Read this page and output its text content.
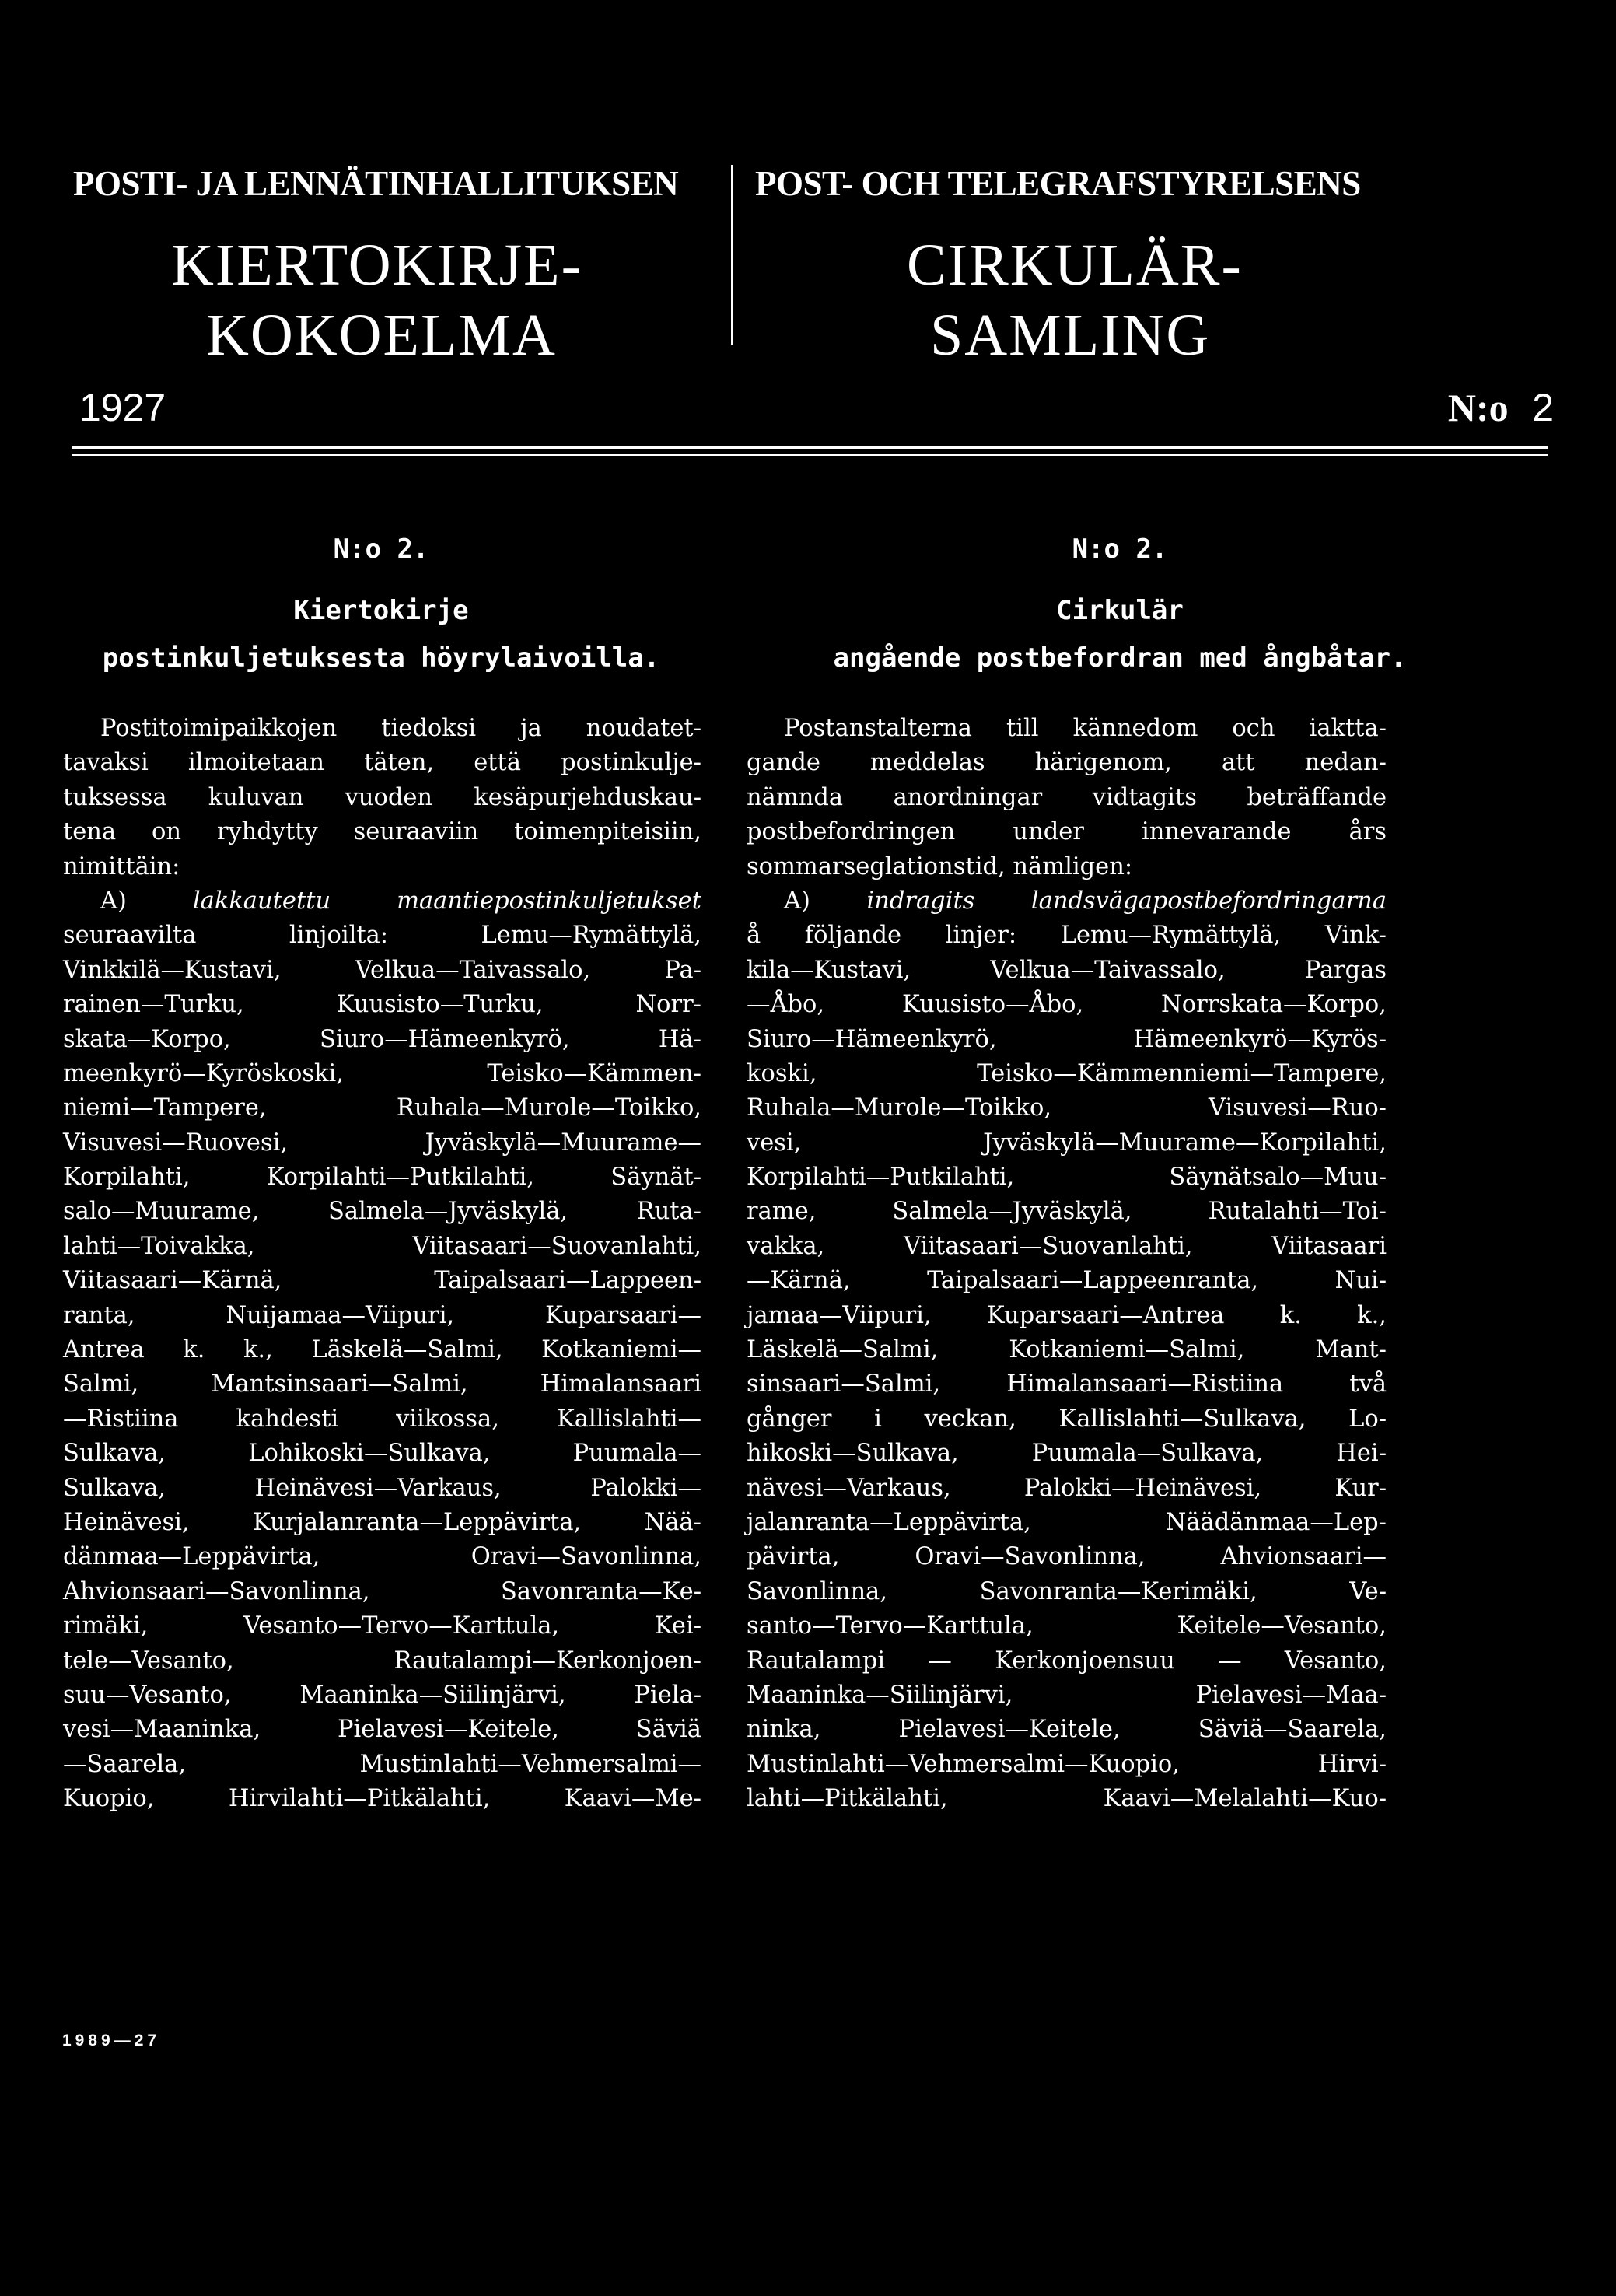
POSTI- JA LENNÄTINHALLITUKSEN
KIERTOKIRJE-
KOKOELMA
POST- OCH TELEGRAFSTYRELSENS
CIRKULÄR-
SAMLING
1927	N:o 2
N:o 2.
Kiertokirje
postinkuljetuksesta höyrylaivoilla.
N:o 2.
Cirkulär
angående postbefordran med ångbåtar.
Postitoimipaikkojen tiedoksi ja noudatet-
tavaksi ilmoitetaan täten, että postinkulje-
tuksessa kuluvan vuoden kesäpurjehduskau-
tena on ryhdytty seuraaviin toimenpiteisiin,
nimittäin:
A) lakkautettu maantiepostinkuljetukset
seuraavilta linjoilta: Lemu—Rymättylä,
Vinkkilä—Kustavi, Velkua—Taivassalo, Pa-
rainen—Turku, Kuusisto—Turku, Norr-
skata—Korpo, Siuro—Hämeenkyrö, Hä-
meenkyrö—Kyröskoski, Teisko—Kämmen-
niemi—Tampere, Ruhala—Murole—Toikko,
Visuvesi—Ruovesi, Jyväskylä—Muurame—
Korpilahti, Korpilahti—Putkilahti, Säynät-
salo—Muurame, Salmela—Jyväskylä, Ruta-
lahti—Toivakka, Viitasaari—Suovanlahti,
Viitasaari—Kärnä, Taipalsaari—Lappeen-
ranta, Nuijamaa—Viipuri, Kuparsaari—
Antrea k. k., Läskelä—Salmi, Kotkaniemi—
Salmi, Mantsinsaari—Salmi, Himalansaari
—Ristiina kahdesti viikossa, Kallislahti—
Sulkava, Lohikoski—Sulkava, Puumala—
Sulkava, Heinävesi—Varkaus, Palokki—
Heinävesi, Kurjalanranta—Leppävirta, Nää-
dänmaa—Leppävirta, Oravi—Savonlinna,
Ahvionsaari—Savonlinna, Savonranta—Ke-
rimäki, Vesanto—Tervo—Karttula, Kei-
tele—Vesanto, Rautalampi—Kerkonjoen-
suu—Vesanto, Maaninka—Siilinjärvi, Piela-
vesi—Maaninka, Pielavesi—Keitele, Säviä
—Saarela, Mustinlahti—Vehmersalmi—
Kuopio, Hirvilahti—Pitkälahti, Kaavi—Me-
Postanstalterna till kännedom och iaktta-
gande meddelas härigenom, att nedan-
nämnda anordningar vidtagits beträffande
postbefordringen under innevarande års
sommarseglationstid, nämligen:
A) indragits landsvägapostbefordringarna
å följande linjer: Lemu—Rymättylä, Vink-
kila—Kustavi, Velkua—Taivassalo, Pargas
—Åbo, Kuusisto—Åbo, Norrskata—Korpo,
Siuro—Hämeenkyrö, Hämeenkyrö—Kyrös-
koski, Teisko—Kämmenniemi—Tampere,
Ruhala—Murole—Toikko, Visuvesi—Ruo-
vesi, Jyväskylä—Muurame—Korpilahti,
Korpilahti—Putkilahti, Säynätsalo—Muu-
rame, Salmela—Jyväskylä, Rutalahti—Toi-
vakka, Viitasaari—Suovanlahti, Viitasaari
—Kärnä, Taipalsaari—Lappeenranta, Nui-
jamaa—Viipuri, Kuparsaari—Antrea k. k.,
Läskelä—Salmi, Kotkaniemi—Salmi, Mant-
sinsaari—Salmi, Himalansaari—Ristiina två
gånger i veckan, Kallislahti—Sulkava, Lo-
hikoski—Sulkava, Puumala—Sulkava, Hei-
nävesi—Varkaus, Palokki—Heinävesi, Kur-
jalanranta—Leppävirta, Näädänmaa—Lep-
pävirta, Oravi—Savonlinna, Ahvionsaari—
Savonlinna, Savonranta—Kerimäki, Ve-
santo—Tervo—Karttula, Keitele—Vesanto,
Rautalampi — Kerkonjoensuu — Vesanto,
Maaninka—Siilinjärvi, Pielavesi—Maa-
ninka, Pielavesi—Keitele, Säviä—Saarela,
Mustinlahti—Vehmersalmi—Kuopio, Hirvi-
lahti—Pitkälahti, Kaavi—Melalahti—Kuo-
1989—27
